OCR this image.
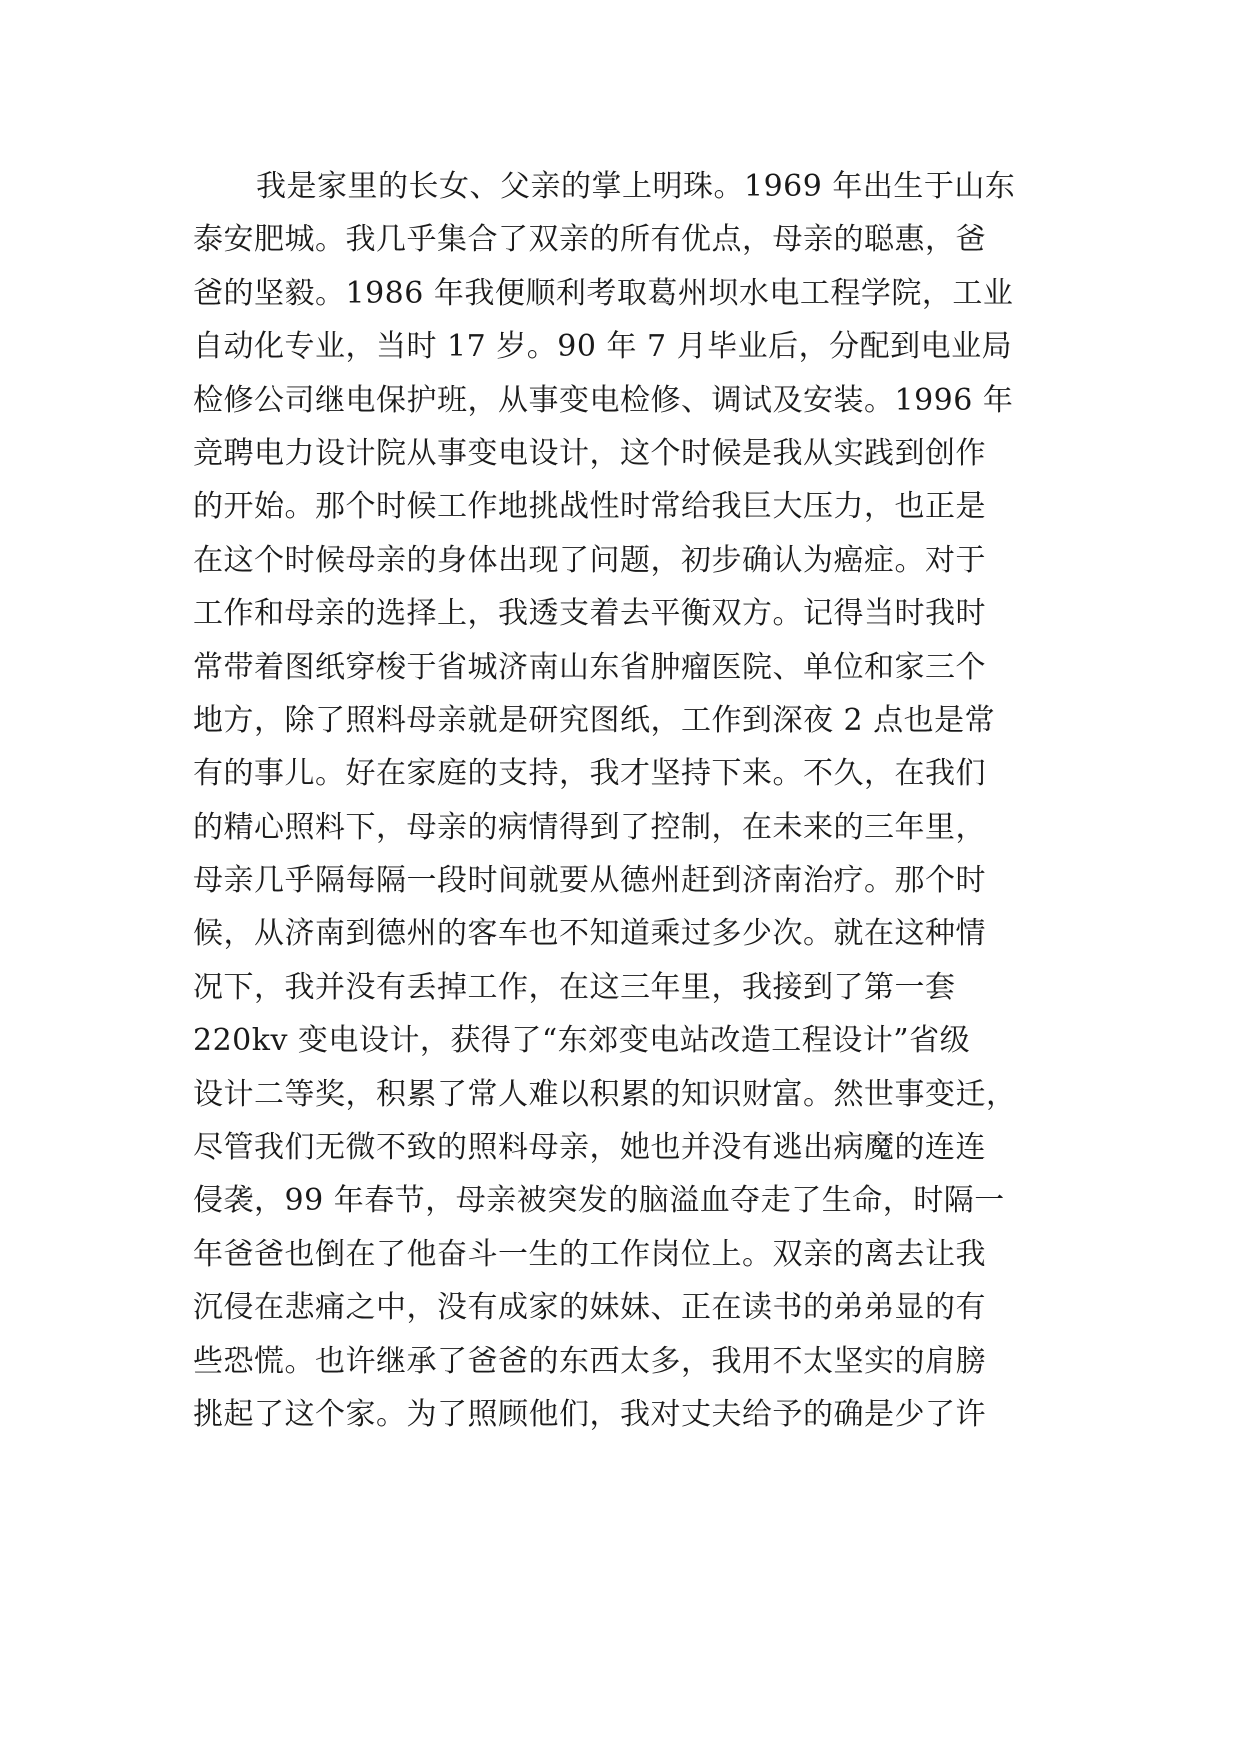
我是家里的长女、父亲的掌上明珠。1969 年出生于山东
泰安肥城。我几乎集合了双亲的所有优点，母亲的聪惠，爸
爸的坚毅。1986 年我便顺利考取葛州坝水电工程学院，工业
自动化专业，当时 17 岁。90 年 7 月毕业后，分配到电业局
检修公司继电保护班，从事变电检修、调试及安装。1996 年
竞聘电力设计院从事变电设计，这个时候是我从实践到创作
的开始。那个时候工作地挑战性时常给我巨大压力，也正是
在这个时候母亲的身体出现了问题，初步确认为癌症。对于
工作和母亲的选择上，我透支着去平衡双方。记得当时我时
常带着图纸穿梭于省城济南山东省肿瘤医院、单位和家三个
地方，除了照料母亲就是研究图纸，工作到深夜 2 点也是常
有的事儿。好在家庭的支持，我才坚持下来。不久，在我们
的精心照料下，母亲的病情得到了控制，在未来的三年里，
母亲几乎隔每隔一段时间就要从德州赶到济南治疗。那个时
候，从济南到德州的客车也不知道乘过多少次。就在这种情
况下，我并没有丢掉工作，在这三年里，我接到了第一套
220kv 变电设计，获得了“东郊变电站改造工程设计”省级
设计二等奖，积累了常人难以积累的知识财富。然世事变迁，
尽管我们无微不致的照料母亲，她也并没有逃出病魔的连连
侵袭，99 年春节，母亲被突发的脑溢血夺走了生命，时隔一
年爸爸也倒在了他奋斗一生的工作岗位上。双亲的离去让我
沉侵在悲痛之中，没有成家的妹妹、正在读书的弟弟显的有
些恐慌。也许继承了爸爸的东西太多，我用不太坚实的肩膀
挑起了这个家。为了照顾他们，我对丈夫给予的确是少了许
